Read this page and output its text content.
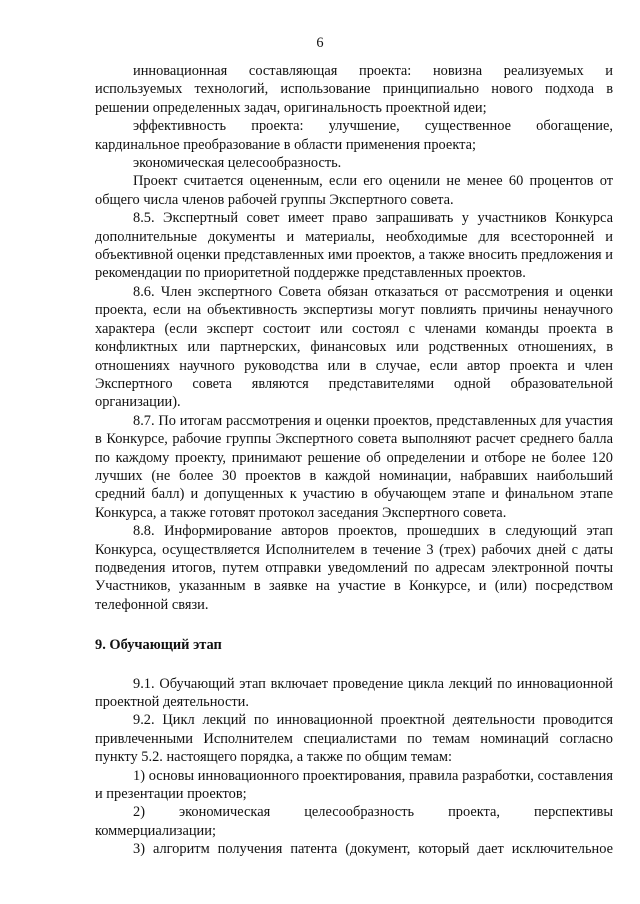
6

инновационная составляющая проекта: новизна реализуемых и используемых технологий, использование принципиально нового подхода в решении определенных задач, оригинальность проектной идеи;

эффективность проекта: улучшение, существенное обогащение, кардинальное преобразование в области применения проекта;

экономическая целесообразность.

Проект считается оцененным, если его оценили не менее 60 процентов от общего числа членов рабочей группы Экспертного совета.

8.5. Экспертный совет имеет право запрашивать у участников Конкурса дополнительные документы и материалы, необходимые для всесторонней и объективной оценки представленных ими проектов, а также вносить предложения и рекомендации по приоритетной поддержке представленных проектов.

8.6. Член экспертного Совета обязан отказаться от рассмотрения и оценки проекта, если на объективность экспертизы могут повлиять причины ненаучного характера (если эксперт состоит или состоял с членами команды проекта в конфликтных или партнерских, финансовых или родственных отношениях, в отношениях научного руководства или в случае, если автор проекта и член Экспертного совета являются представителями одной образовательной организации).

8.7. По итогам рассмотрения и оценки проектов, представленных для участия в Конкурсе, рабочие группы Экспертного совета выполняют расчет среднего балла по каждому проекту, принимают решение об определении и отборе не более 120 лучших (не более 30 проектов в каждой номинации, набравших наибольший средний балл) и допущенных к участию в обучающем этапе и финальном этапе Конкурса, а также готовят протокол заседания Экспертного совета.

8.8. Информирование авторов проектов, прошедших в следующий этап Конкурса, осуществляется Исполнителем в течение 3 (трех) рабочих дней с даты подведения итогов, путем отправки уведомлений по адресам электронной почты Участников, указанным в заявке на участие в Конкурсе, и (или) посредством телефонной связи.

9. Обучающий этап

9.1. Обучающий этап включает проведение цикла лекций по инновационной проектной деятельности.

9.2. Цикл лекций по инновационной проектной деятельности проводится привлеченными Исполнителем специалистами по темам номинаций согласно пункту 5.2. настоящего порядка, а также по общим темам:

1) основы инновационного проектирования, правила разработки, составления и презентации проектов;

2) экономическая целесообразность проекта, перспективы коммерциализации;

3) алгоритм получения патента (документ, который дает исключительное
